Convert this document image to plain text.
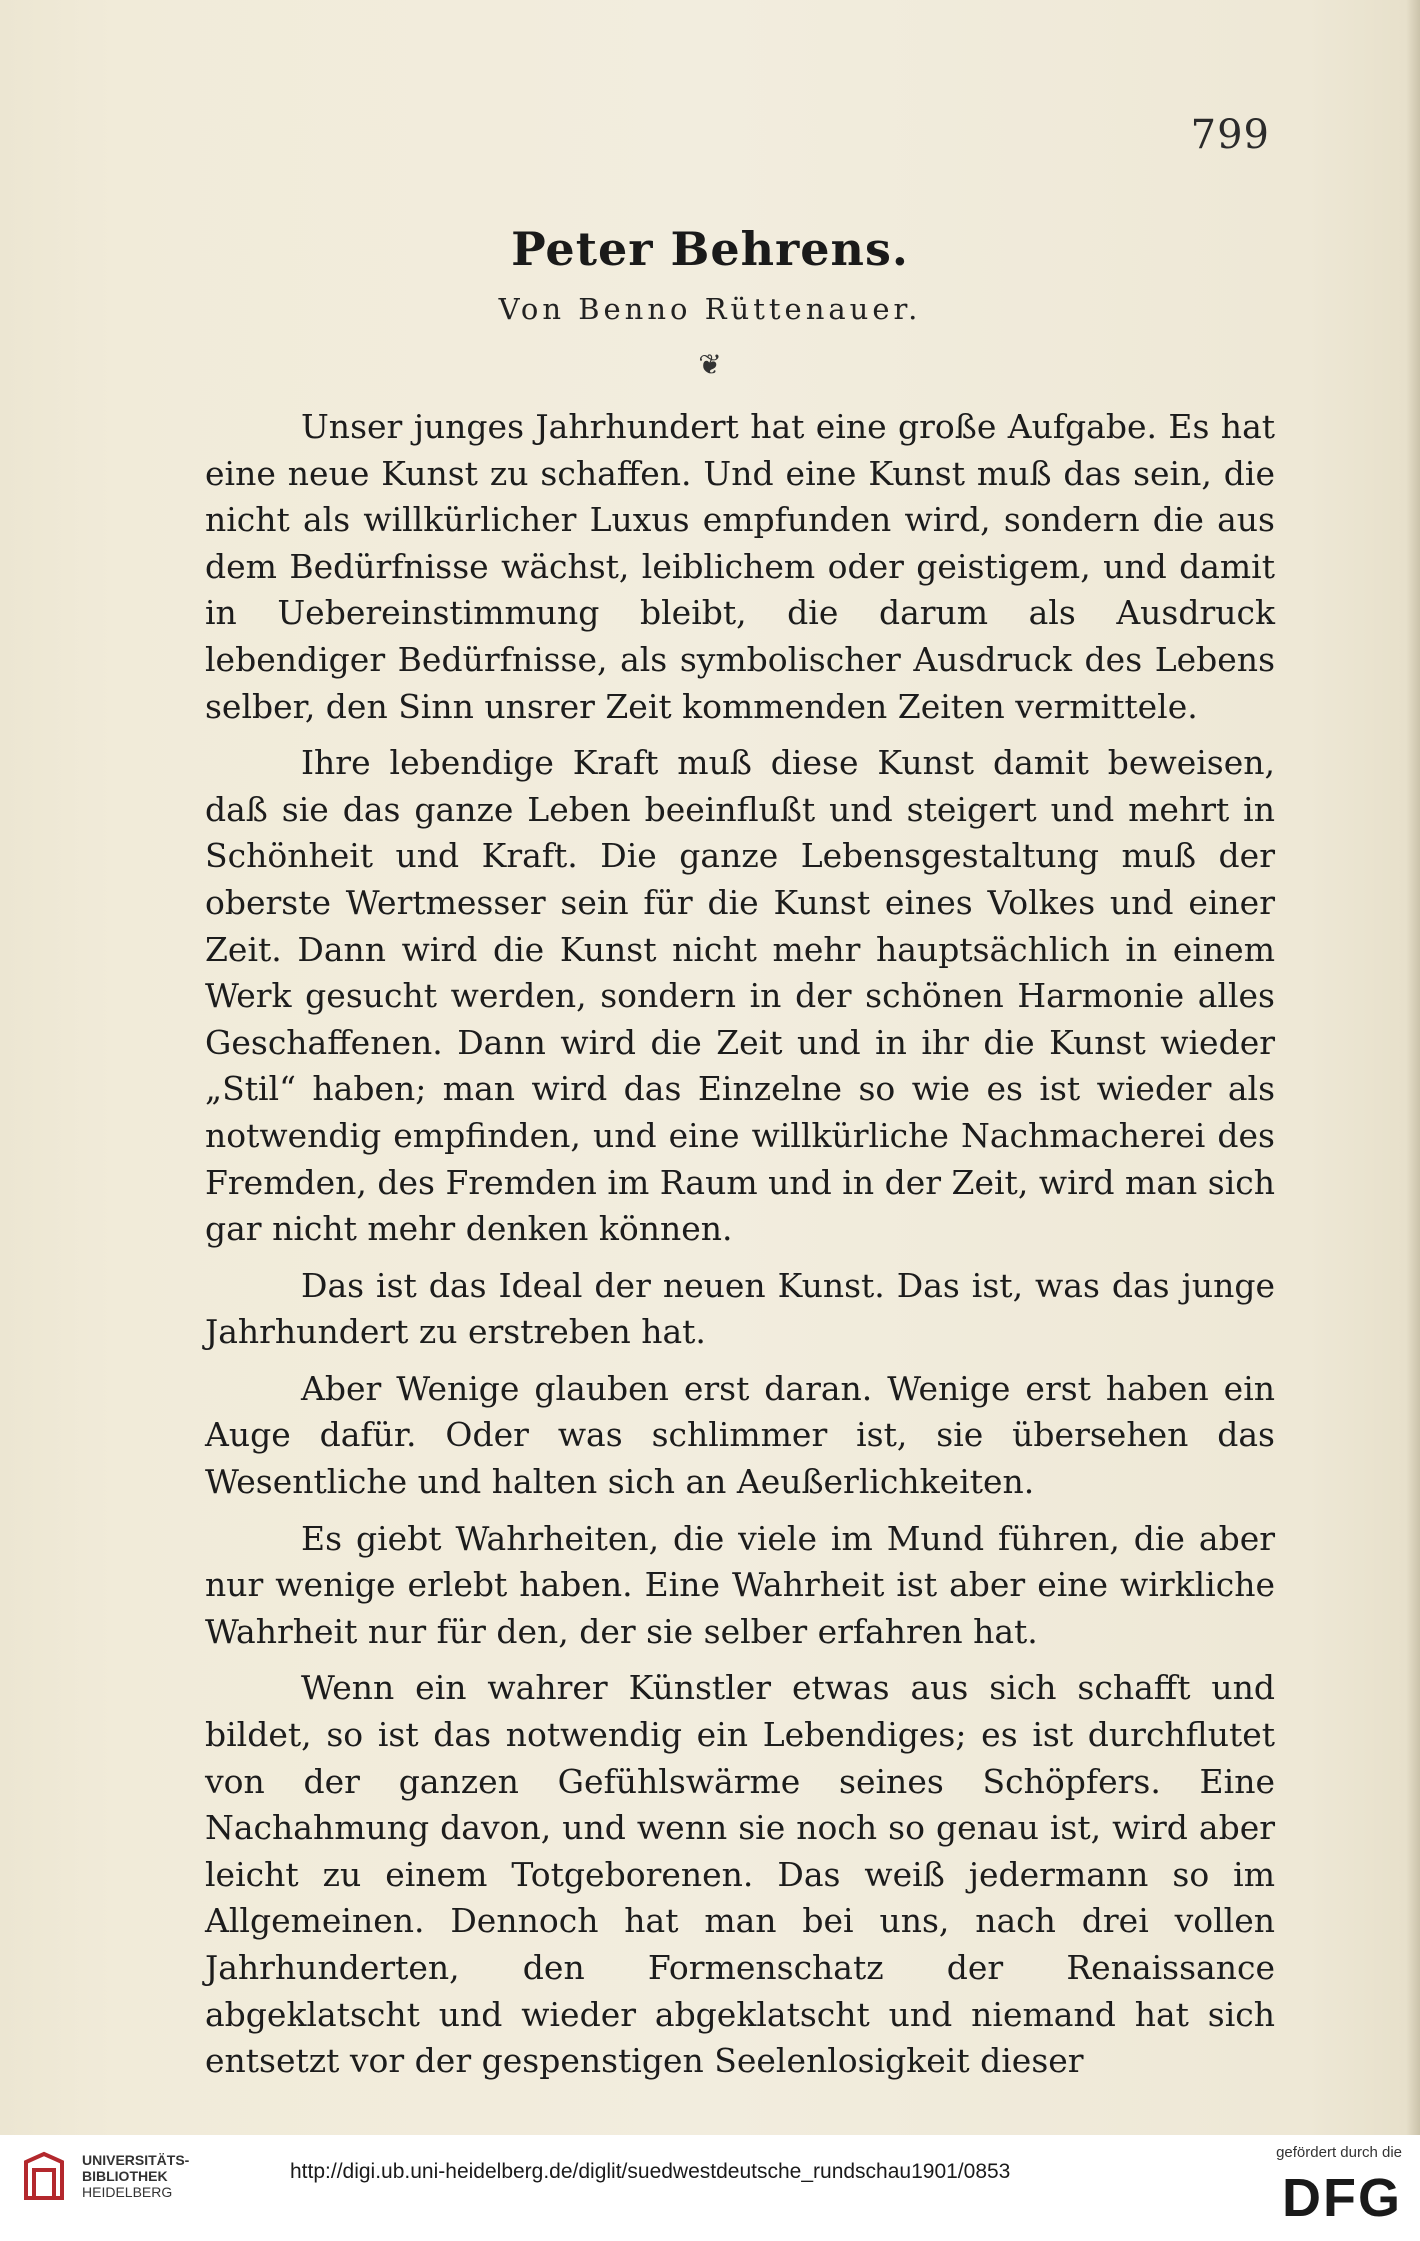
799
Peter Behrens.
Von Benno Rüttenauer.
❦

Unser junges Jahrhundert hat eine große Aufgabe. Es hat eine neue Kunst zu schaffen. Und eine Kunst muß das sein, die nicht als willkürlicher Luxus empfunden wird, sondern die aus dem Bedürfnisse wächst, leiblichem oder geistigem, und damit in Uebereinstimmung bleibt, die darum als Ausdruck lebendiger Bedürfnisse, als symbolischer Ausdruck des Lebens selber, den Sinn unsrer Zeit kommenden Zeiten vermittele.

Ihre lebendige Kraft muß diese Kunst damit beweisen, daß sie das ganze Leben beeinflußt und steigert und mehrt in Schönheit und Kraft. Die ganze Lebensgestaltung muß der oberste Wertmesser sein für die Kunst eines Volkes und einer Zeit. Dann wird die Kunst nicht mehr hauptsächlich in einem Werk gesucht werden, sondern in der schönen Harmonie alles Geschaffenen. Dann wird die Zeit und in ihr die Kunst wieder „Stil“ haben; man wird das Einzelne so wie es ist wieder als notwendig empfinden, und eine willkürliche Nachmacherei des Fremden, des Fremden im Raum und in der Zeit, wird man sich gar nicht mehr denken können.

Das ist das Ideal der neuen Kunst. Das ist, was das junge Jahrhundert zu erstreben hat.

Aber Wenige glauben erst daran. Wenige erst haben ein Auge dafür. Oder was schlimmer ist, sie übersehen das Wesentliche und halten sich an Aeußerlichkeiten.

Es giebt Wahrheiten, die viele im Mund führen, die aber nur wenige erlebt haben. Eine Wahrheit ist aber eine wirkliche Wahrheit nur für den, der sie selber erfahren hat.

Wenn ein wahrer Künstler etwas aus sich schafft und bildet, so ist das notwendig ein Lebendiges; es ist durchflutet von der ganzen Gefühlswärme seines Schöpfers. Eine Nachahmung davon, und wenn sie noch so genau ist, wird aber leicht zu einem Totgeborenen. Das weiß jedermann so im Allgemeinen. Dennoch hat man bei uns, nach drei vollen Jahrhunderten, den Formenschatz der Renaissance abgeklatscht und wieder abgeklatscht und niemand hat sich entsetzt vor der gespenstigen Seelenlosigkeit dieser

UNIVERSITÄTS-
BIBLIOTHEK
HEIDELBERG
http://digi.ub.uni-heidelberg.de/diglit/suedwestdeutsche_rundschau1901/0853
gefördert durch die
DFG
